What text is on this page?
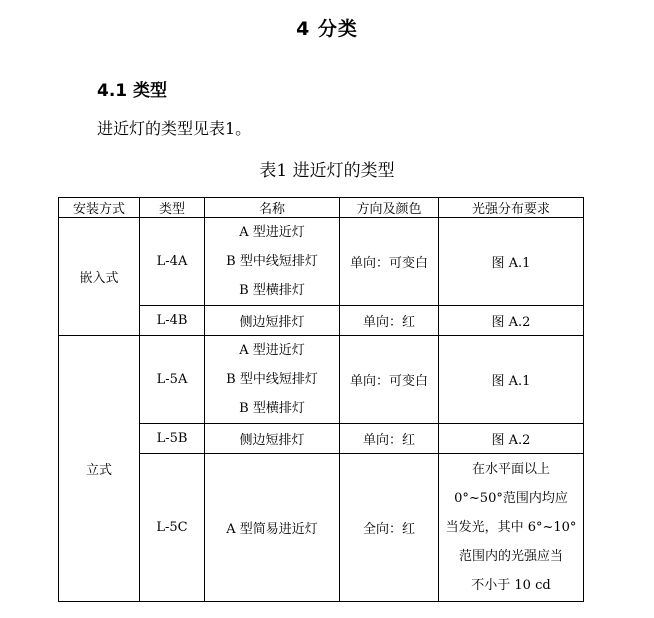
4 分类
4.1 类型
进近灯的类型见表1。
表1 进近灯的类型
安装方式	类型	名称	方向及颜色	光强分布要求
嵌入式	L-4A	A 型进近灯
B 型中线短排灯
B 型横排灯	单向：可变白	图 A.1
	L-4B	侧边短排灯	单向：红	图 A.2
立式	L-5A	A 型进近灯
B 型中线短排灯
B 型横排灯	单向：可变白	图 A.1
	L-5B	侧边短排灯	单向：红	图 A.2
	L-5C	A 型简易进近灯	全向：红	在水平面以上
0°~50°范围内均应
当发光，其中 6°~10°
范围内的光强应当
不小于 10 cd
